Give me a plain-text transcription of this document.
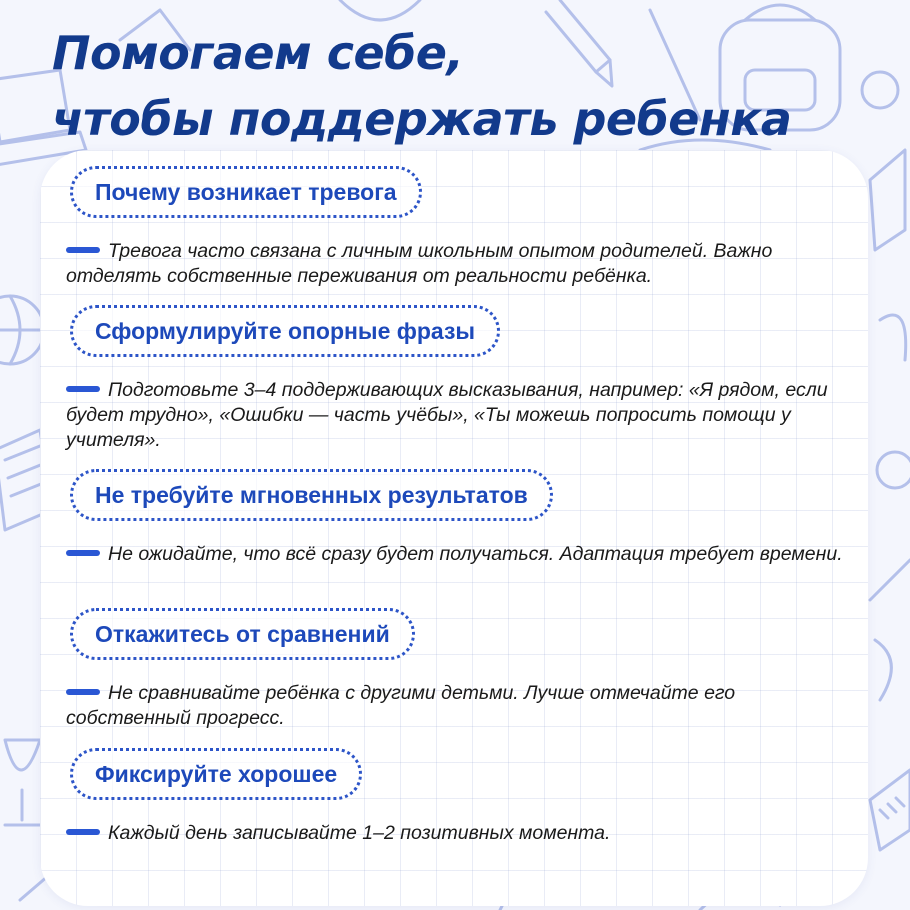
Помогаем себе,
чтобы поддержать ребенка
Почему возникает тревога

Тревога часто связана с личным школьным опытом родителей. Важно отделять собственные переживания от реальности ребёнка.

Сформулируйте опорные фразы

Подготовьте 3–4 поддерживающих высказывания, например: «Я рядом, если будет трудно», «Ошибки — часть учёбы», «Ты можешь попросить помощи у учителя».

Не требуйте мгновенных результатов

Не ожидайте, что всё сразу будет получаться. Адаптация требует времени.

Откажитесь от сравнений

Не сравнивайте ребёнка с другими детьми. Лучше отмечайте его собственный прогресс.

Фиксируйте хорошее

Каждый день записывайте 1–2 позитивных момента.
